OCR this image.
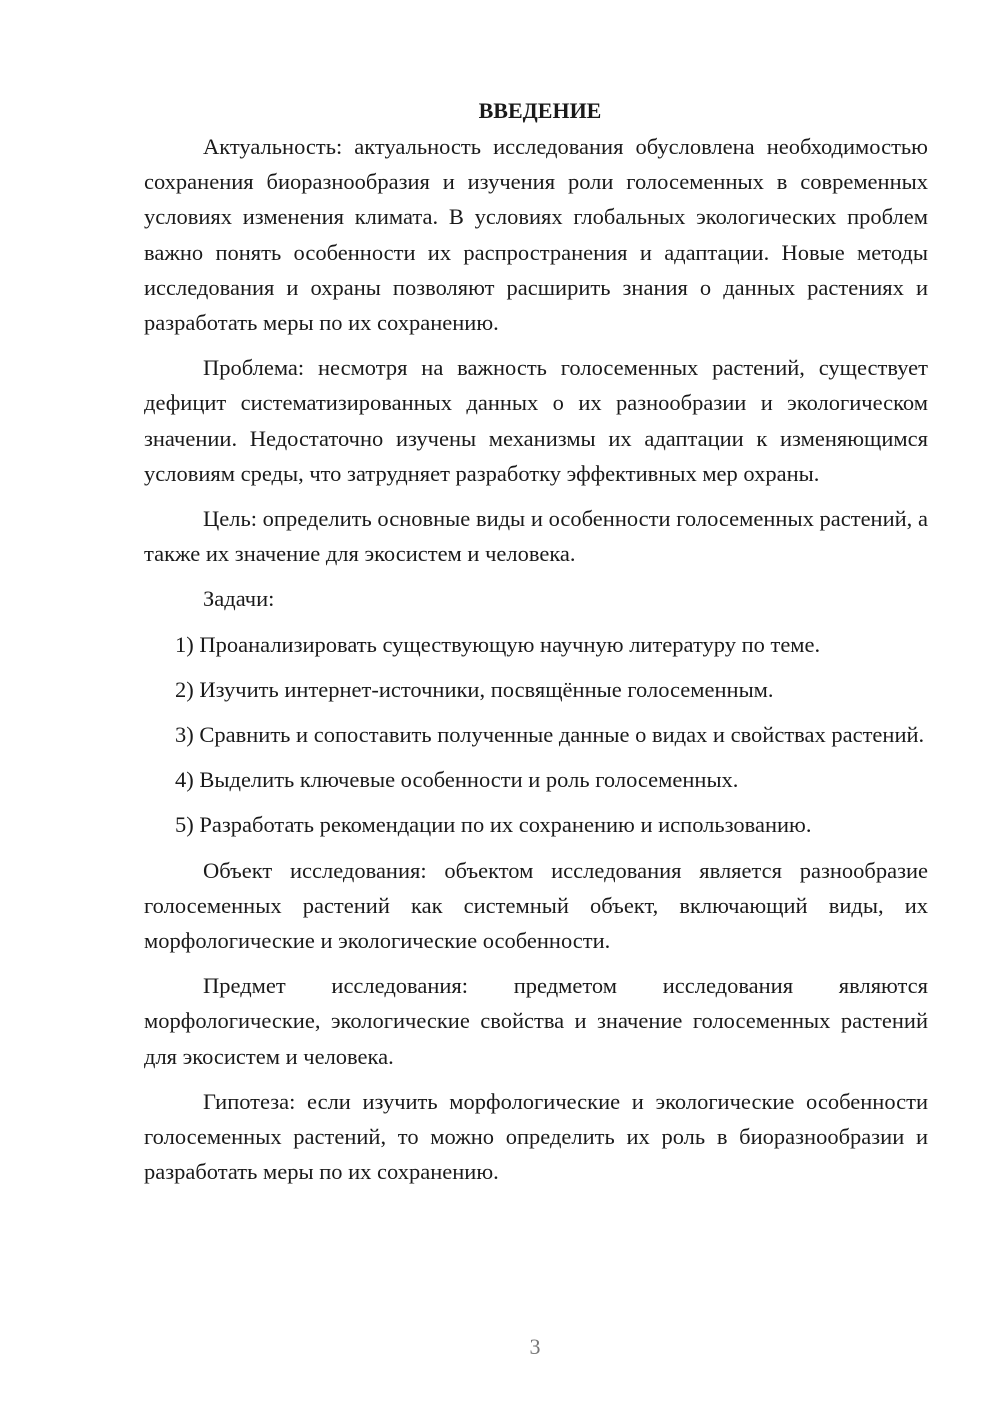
ВВЕДЕНИЕ

Актуальность: актуальность исследования обусловлена необходимостью сохранения биоразнообразия и изучения роли голосеменных в современных условиях изменения климата. В условиях глобальных экологических проблем важно понять особенности их распространения и адаптации. Новые методы исследования и охраны позволяют расширить знания о данных растениях и разработать меры по их сохранению.

Проблема: несмотря на важность голосеменных растений, существует дефицит систематизированных данных о их разнообразии и экологическом значении. Недостаточно изучены механизмы их адаптации к изменяющимся условиям среды, что затрудняет разработку эффективных мер охраны.

Цель: определить основные виды и особенности голосеменных растений, а также их значение для экосистем и человека.

Задачи:

1) Проанализировать существующую научную литературу по теме.

2) Изучить интернет-источники, посвящённые голосеменным.

3) Сравнить и сопоставить полученные данные о видах и свойствах растений.

4) Выделить ключевые особенности и роль голосеменных.

5) Разработать рекомендации по их сохранению и использованию.

Объект исследования: объектом исследования является разнообразие голосеменных растений как системный объект, включающий виды, их морфологические и экологические особенности.

Предмет исследования: предметом исследования являются морфологические, экологические свойства и значение голосеменных растений для экосистем и человека.

Гипотеза: если изучить морфологические и экологические особенности голосеменных растений, то можно определить их роль в биоразнообразии и разработать меры по их сохранению.

3
